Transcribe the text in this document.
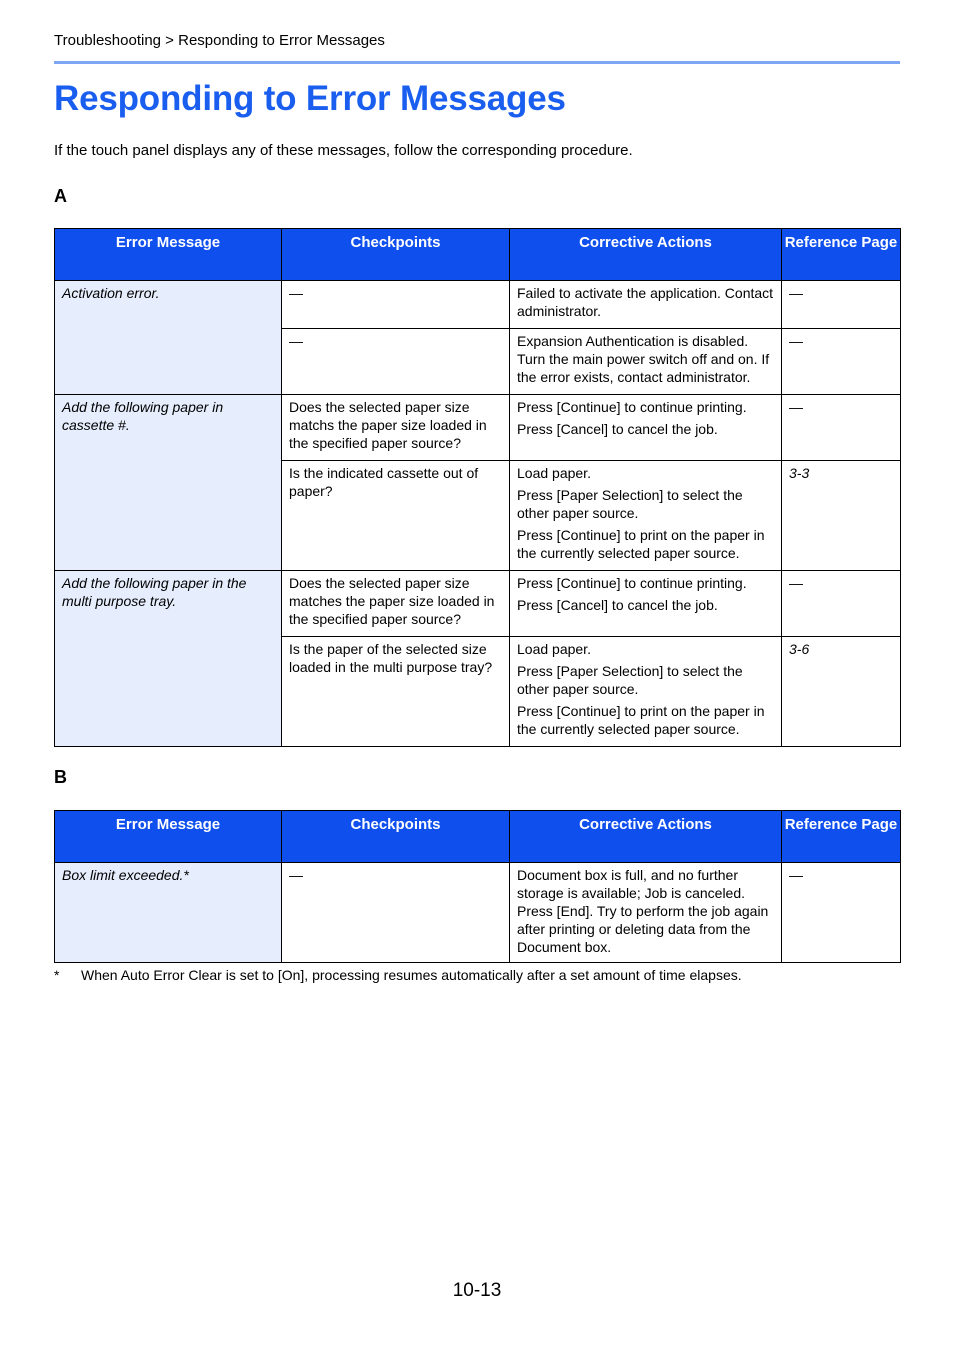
Troubleshooting > Responding to Error Messages
Responding to Error Messages
If the touch panel displays any of these messages, follow the corresponding procedure.
A
Error Message	Checkpoints	Corrective Actions	Reference Page
Activation error.	—	Failed to activate the application. Contact administrator.	—
	—	Expansion Authentication is disabled. Turn the main power switch off and on. If the error exists, contact administrator.	—
Add the following paper in cassette #.	Does the selected paper size matchs the paper size loaded in the specified paper source?	Press [Continue] to continue printing.

Press [Cancel] to cancel the job.	—
	Is the indicated cassette out of paper?	Load paper.

Press [Paper Selection] to select the other paper source.

Press [Continue] to print on the paper in the currently selected paper source.	3-3
Add the following paper in the multi purpose tray.	Does the selected paper size matches the paper size loaded in the specified paper source?	Press [Continue] to continue printing.

Press [Cancel] to cancel the job.	—
	Is the paper of the selected size loaded in the multi purpose tray?	Load paper.

Press [Paper Selection] to select the other paper source.

Press [Continue] to print on the paper in the currently selected paper source.	3-6
B
Error Message	Checkpoints	Corrective Actions	Reference Page
Box limit exceeded.*	—	Document box is full, and no further storage is available; Job is canceled. Press [End]. Try to perform the job again after printing or deleting data from the Document box.	—
* When Auto Error Clear is set to [On], processing resumes automatically after a set amount of time elapses.
10-13
